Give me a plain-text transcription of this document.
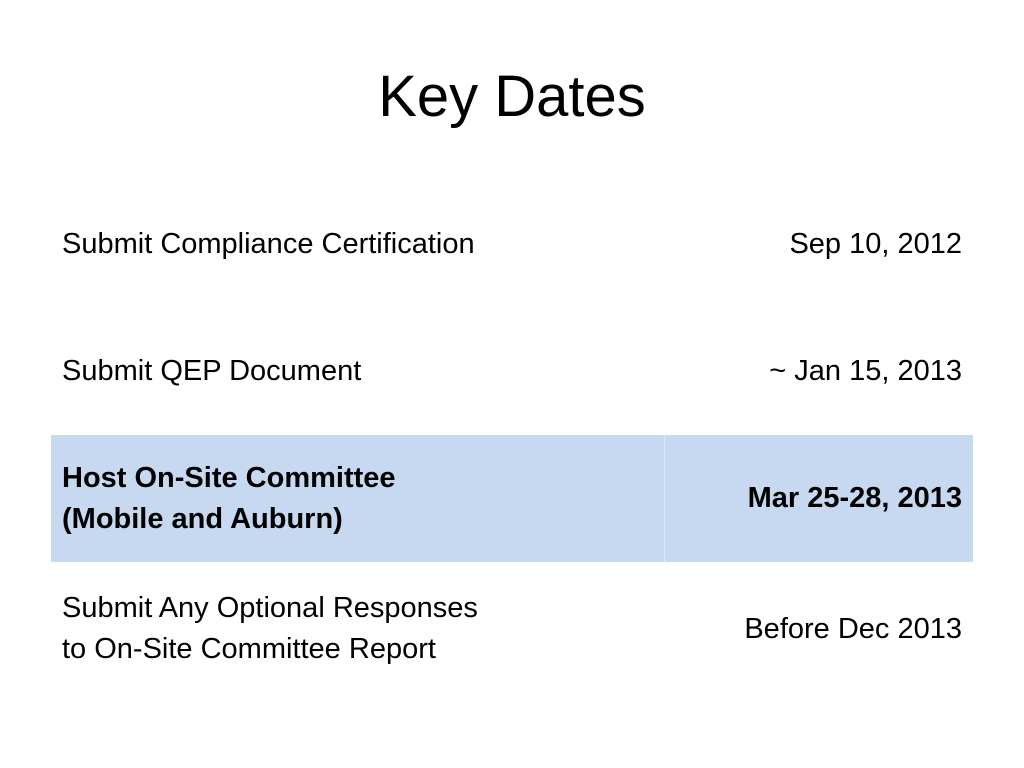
Key Dates
Submit Compliance Certification	Sep 10, 2012
Submit QEP Document	~ Jan 15, 2013
Host On-Site Committee
(Mobile and Auburn)
Mar 25-28, 2013
Submit Any Optional Responses
to On-Site Committee Report
Before Dec 2013
